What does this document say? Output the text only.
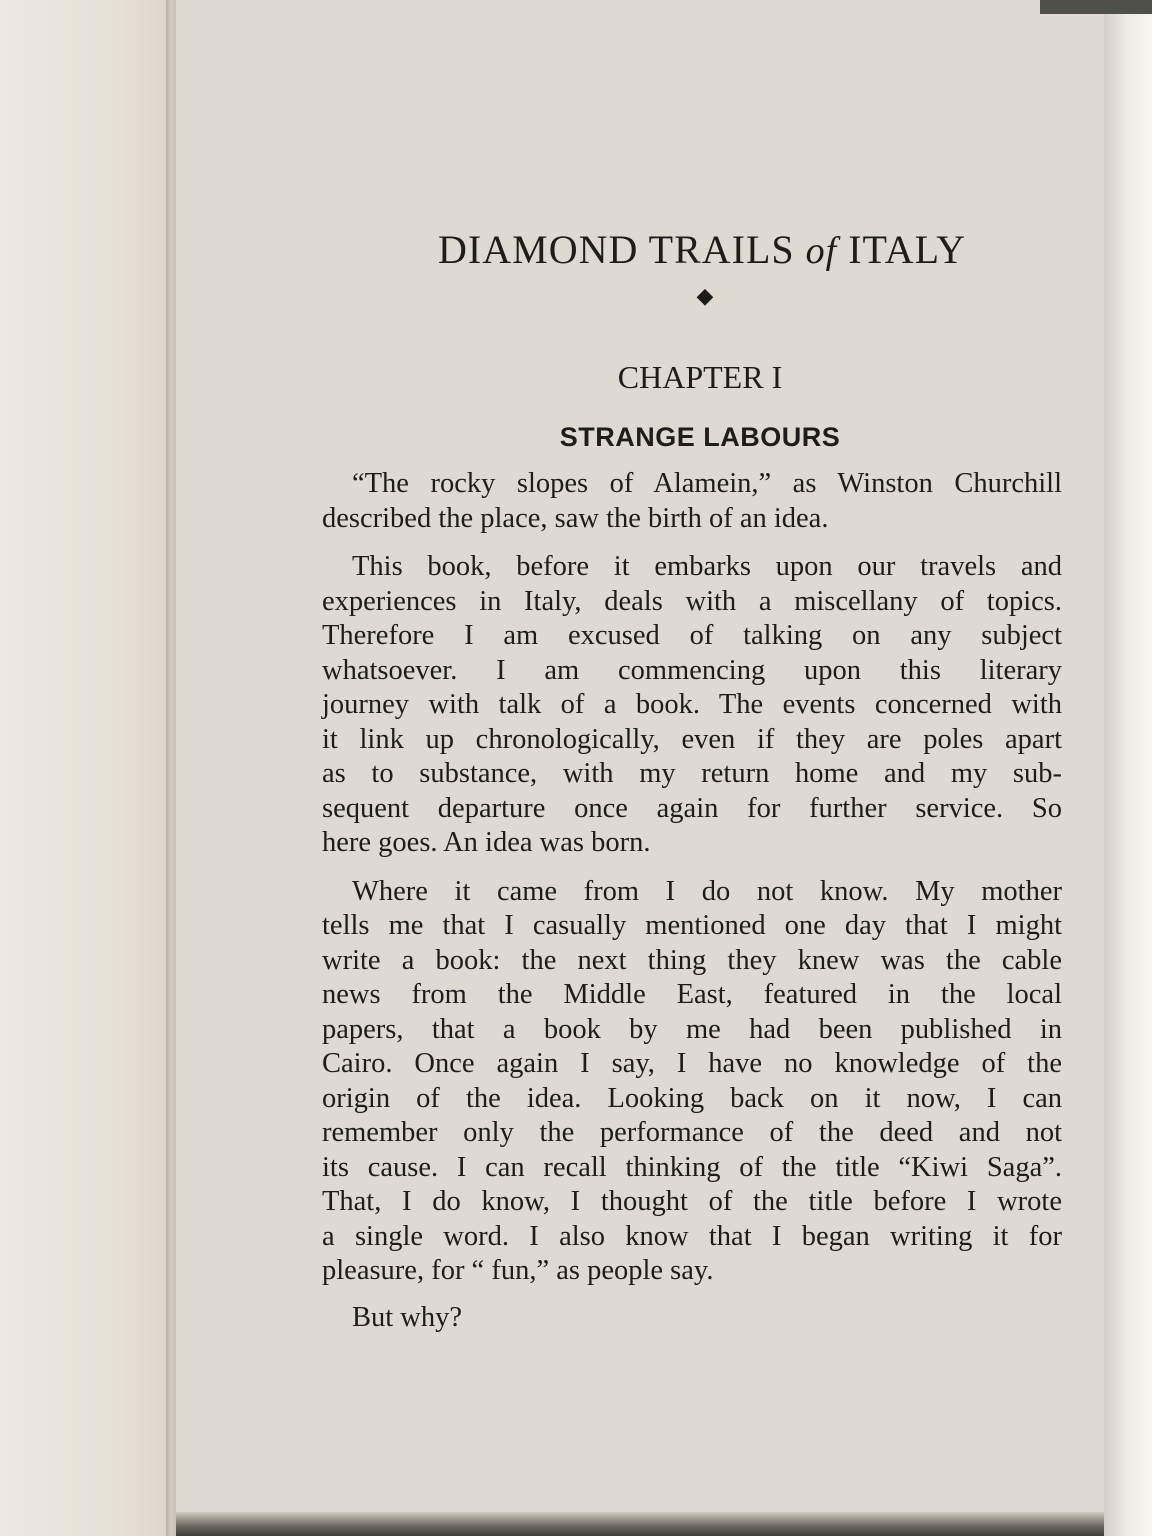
DIAMOND TRAILS of ITALY
◆
CHAPTER I
STRANGE LABOURS

“The rocky slopes of Alamein,” as Winston Churchill
described the place, saw the birth of an idea.

This book, before it embarks upon our travels and
experiences in Italy, deals with a miscellany of topics.
Therefore I am excused of talking on any subject
whatsoever. I am commencing upon this literary
journey with talk of a book. The events concerned with
it link up chronologically, even if they are poles apart
as to substance, with my return home and my sub-
sequent departure once again for further service. So
here goes. An idea was born.

Where it came from I do not know. My mother
tells me that I casually mentioned one day that I might
write a book: the next thing they knew was the cable
news from the Middle East, featured in the local
papers, that a book by me had been published in
Cairo. Once again I say, I have no knowledge of the
origin of the idea. Looking back on it now, I can
remember only the performance of the deed and not
its cause. I can recall thinking of the title “Kiwi Saga”.
That, I do know, I thought of the title before I wrote
a single word. I also know that I began writing it for
pleasure, for “ fun,” as people say.

But why?
